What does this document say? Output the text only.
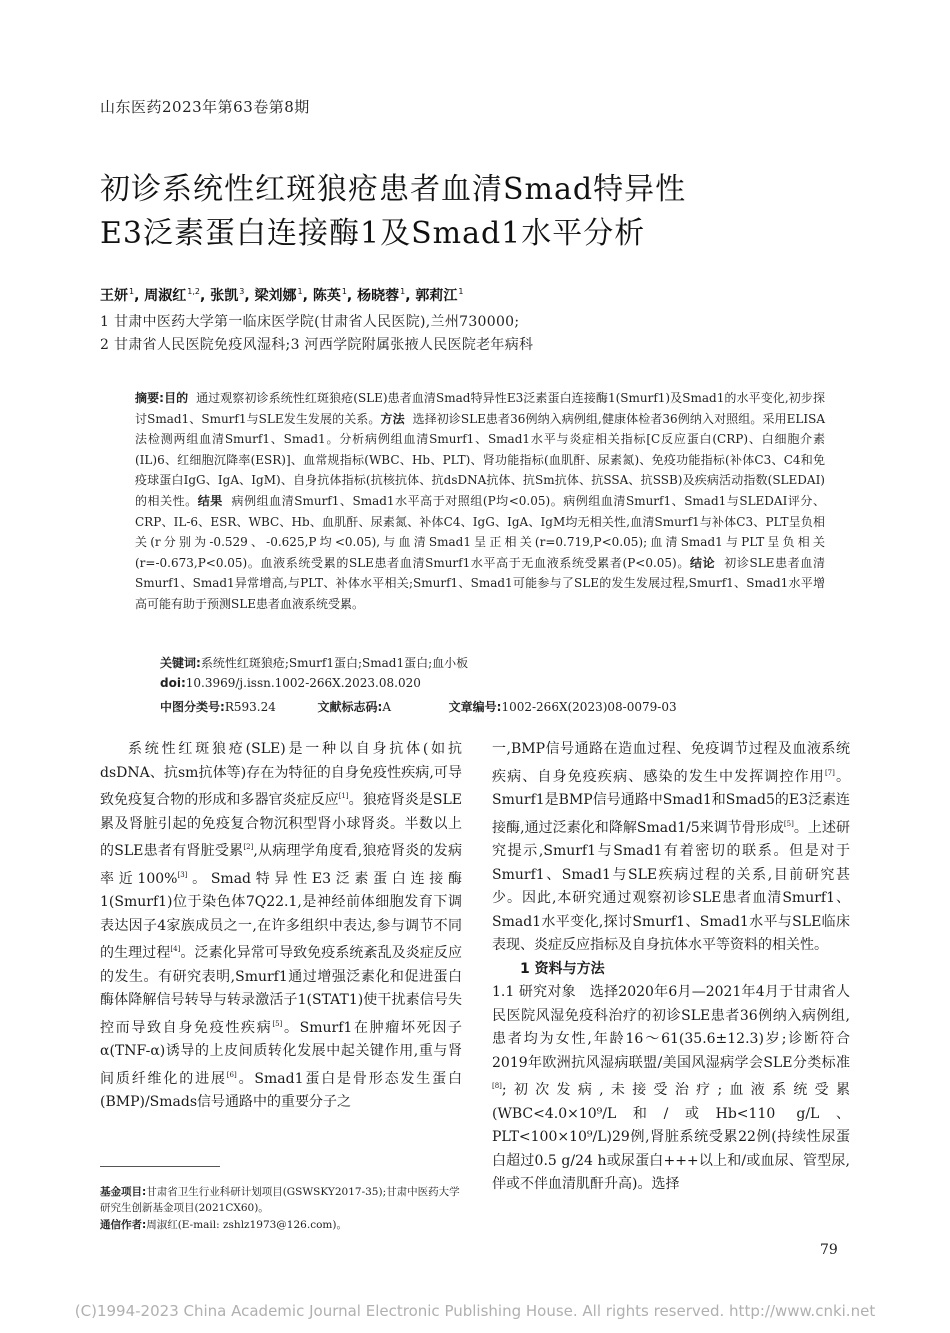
山东医药2023年第63卷第8期
初诊系统性红斑狼疮患者血清Smad特异性
E3泛素蛋白连接酶1及Smad1水平分析
王妍$^1$, 周淑红$^{1,2}$, 张凯$^3$, 梁刘娜$^1$, 陈英$^1$, 杨晓蓉$^1$, 郭莉江$^1$
1 甘肃中医药大学第一临床医学院(甘肃省人民医院),兰州730000;
2 甘肃省人民医院免疫风湿科;3 河西学院附属张掖人民医院老年病科
摘要:目的 通过观察初诊系统性红斑狼疮(SLE)患者血清Smad特异性E3泛素蛋白连接酶1(Smurf1)及Smad1的水平变化,初步探讨Smad1、Smurf1与SLE发生发展的关系。方法 选择初诊SLE患者36例纳入病例组,健康体检者36例纳入对照组。采用ELISA法检测两组血清Smurf1、Smad1。分析病例组血清Smurf1、Smad1水平与炎症相关指标[C反应蛋白(CRP)、白细胞介素(IL)6、红细胞沉降率(ESR)]、血常规指标(WBC、Hb、PLT)、肾功能指标(血肌酐、尿素氮)、免疫功能指标(补体C3、C4和免疫球蛋白IgG、IgA、IgM)、自身抗体指标(抗核抗体、抗dsDNA抗体、抗Sm抗体、抗SSA、抗SSB)及疾病活动指数(SLEDAI)的相关性。结果 病例组血清Smurf1、Smad1水平高于对照组(P均<0.05)。病例组血清Smurf1、Smad1与SLEDAI评分、CRP、IL-6、ESR、WBC、Hb、血肌酐、尿素氮、补体C4、IgG、IgA、IgM均无相关性,血清Smurf1与补体C3、PLT呈负相关(r分别为-0.529、-0.625,P均<0.05),与血清Smad1呈正相关(r=0.719,P<0.05);血清Smad1与PLT呈负相关(r=-0.673,P<0.05)。血液系统受累的SLE患者血清Smurf1水平高于无血液系统受累者(P<0.05)。结论 初诊SLE患者血清Smurf1、Smad1异常增高,与PLT、补体水平相关;Smurf1、Smad1可能参与了SLE的发生发展过程,Smurf1、Smad1水平增高可能有助于预测SLE患者血液系统受累。
关键词:系统性红斑狼疮;Smurf1蛋白;Smad1蛋白;血小板
doi:10.3969/j.issn.1002-266X.2023.08.020
中图分类号:R593.24	文献标志码:A	文章编号:1002-266X(2023)08-0079-03

系统性红斑狼疮(SLE)是一种以自身抗体(如抗dsDNA、抗sm抗体等)存在为特征的自身免疫性疾病,可导致免疫复合物的形成和多器官炎症反应[1]。狼疮肾炎是SLE累及肾脏引起的免疫复合物沉积型肾小球肾炎。半数以上的SLE患者有肾脏受累[2],从病理学角度看,狼疮肾炎的发病率近100%[3]。Smad特异性E3泛素蛋白连接酶1(Smurf1)位于染色体7Q22.1,是神经前体细胞发育下调表达因子4家族成员之一,在许多组织中表达,参与调节不同的生理过程[4]。泛素化异常可导致免疫系统紊乱及炎症反应的发生。有研究表明,Smurf1通过增强泛素化和促进蛋白酶体降解信号转导与转录激活子1(STAT1)使干扰素信号失控而导致自身免疫性疾病[5]。Smurf1在肿瘤坏死因子α(TNF-α)诱导的上皮间质转化发展中起关键作用,重与肾间质纤维化的进展[6]。Smad1蛋白是骨形态发生蛋白(BMP)/Smads信号通路中的重要分子之

基金项目:甘肃省卫生行业科研计划项目(GSWSKY2017-35);甘肃中医药大学研究生创新基金项目(2021CX60)。
通信作者:周淑红(E-mail: zshlz1973@126.com)。

一,BMP信号通路在造血过程、免疫调节过程及血液系统疾病、自身免疫疾病、感染的发生中发挥调控作用[7]。Smurf1是BMP信号通路中Smad1和Smad5的E3泛素连接酶,通过泛素化和降解Smad1/5来调节骨形成[5]。上述研究提示,Smurf1与Smad1有着密切的联系。但是对于Smurf1、Smad1与SLE疾病过程的关系,目前研究甚少。因此,本研究通过观察初诊SLE患者血清Smurf1、Smad1水平变化,探讨Smurf1、Smad1水平与SLE临床表现、炎症反应指标及自身抗体水平等资料的相关性。

1 资料与方法

1.1 研究对象 选择2020年6月—2021年4月于甘肃省人民医院风湿免疫科治疗的初诊SLE患者36例纳入病例组,患者均为女性,年龄16～61(35.6±12.3)岁;诊断符合2019年欧洲抗风湿病联盟/美国风湿病学会SLE分类标准[8];初次发病,未接受治疗;血液系统受累(WBC<4.0×10⁹/L和/或Hb<110 g/L、PLT<100×10⁹/L)29例,肾脏系统受累22例(持续性尿蛋白超过0.5 g/24 h或尿蛋白+++以上和/或血尿、管型尿,伴或不伴血清肌酐升高)。选择

79
(C)1994-2023 China Academic Journal Electronic Publishing House. All rights reserved. http://www.cnki.net
